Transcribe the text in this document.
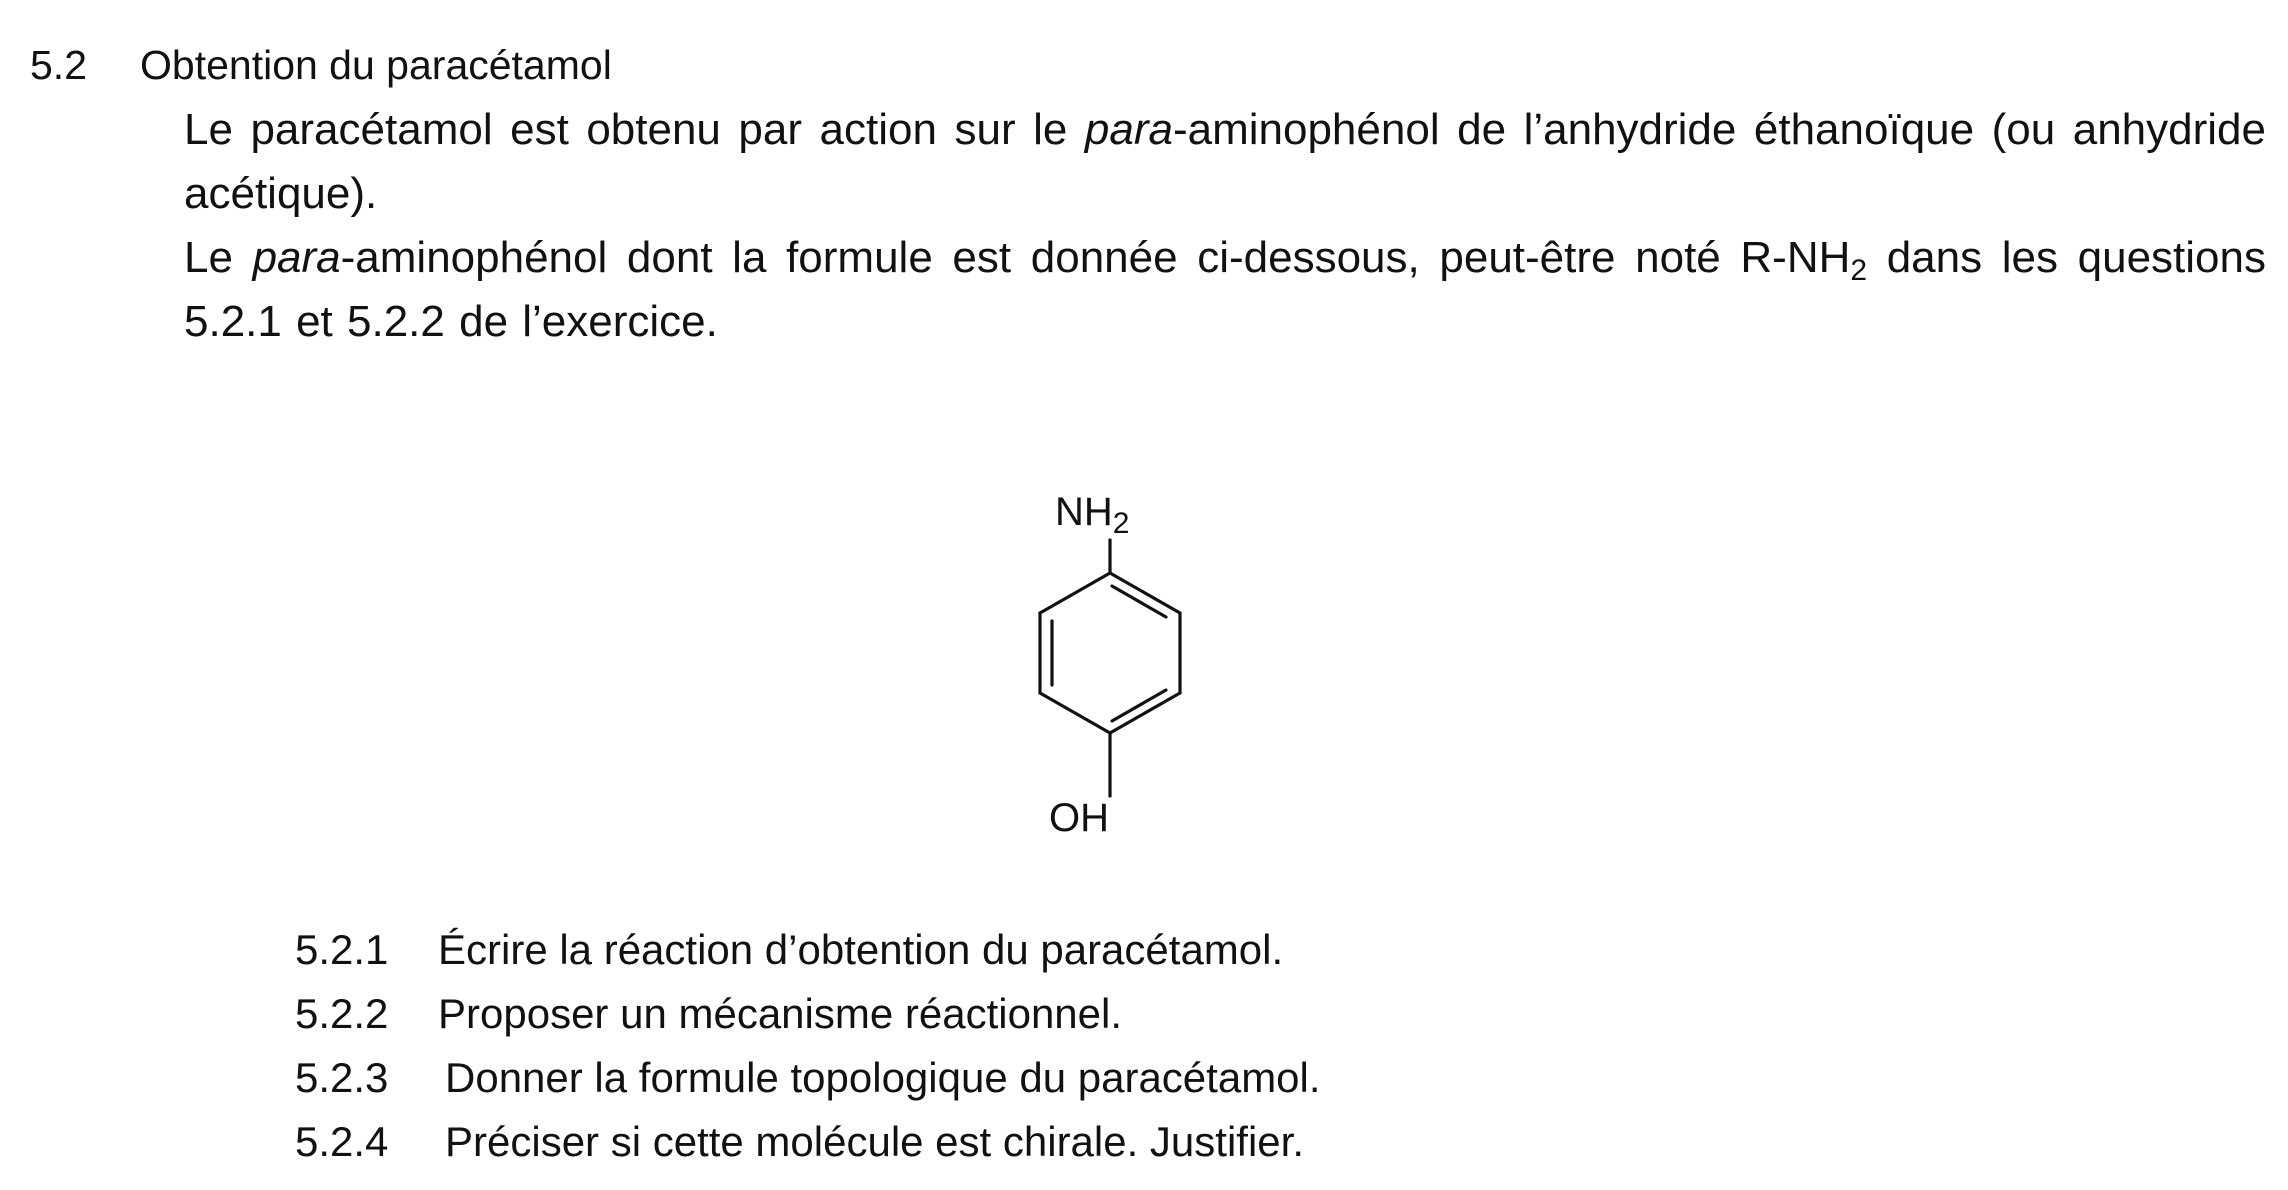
5.2 Obtention du paracétamol
Le paracétamol est obtenu par action sur le para-aminophénol de l’anhydride éthanoïque (ou anhydride acétique).
Le para-aminophénol dont la formule est donnée ci-dessous, peut-être noté $R-NH_2$ dans les questions 5.2.1 et 5.2.2 de l’exercice.
$NH_2$
OH
5.2.1 Écrire la réaction d’obtention du paracétamol.
5.2.2 Proposer un mécanisme réactionnel.
5.2.3 Donner la formule topologique du paracétamol.
5.2.4 Préciser si cette molécule est chirale. Justifier.
